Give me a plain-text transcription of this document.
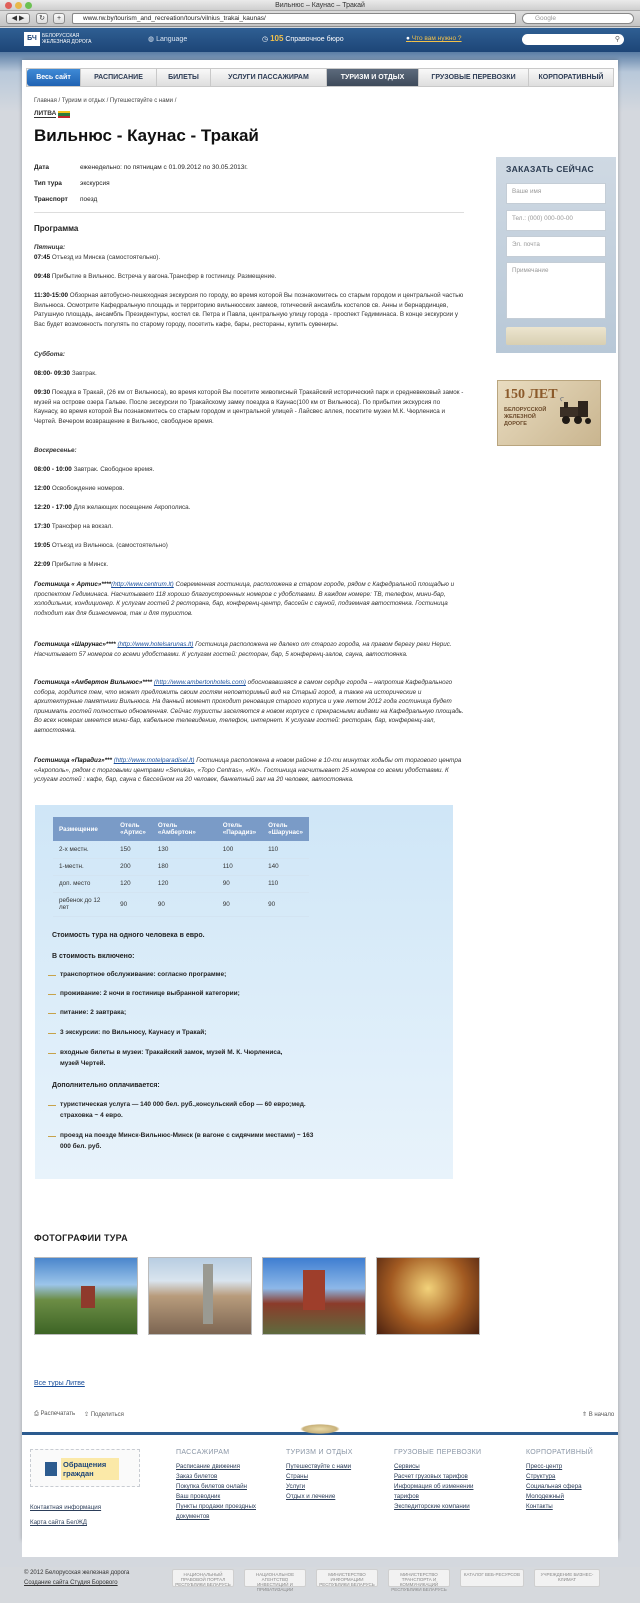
Вильнюс – Каунас – Тракай
◀ ▶	↻	+	www.rw.by/tourism_and_recreation/tours/vilnius_trakai_kaunas/	Google
БЧ	БЕЛОРУССКАЯ
ЖЕЛЕЗНАЯ ДОРОГА	◍ Language	◷ 105 Справочное бюро	● Что вам нужно ?	⚲
Весь сайт	РАСПИСАНИЕ	БИЛЕТЫ	УСЛУГИ ПАССАЖИРАМ	ТУРИЗМ И ОТДЫХ	ГРУЗОВЫЕ ПЕРЕВОЗКИ	КОРПОРАТИВНЫЙ
Главная / Туризм и отдых / Путешествуйте с нами /
ЛИТВА
Вильнюс - Каунас - Тракай
Дата	еженедельно: по пятницам с 01.09.2012 по 30.05.2013г.
Тип тура	экскурсия
Транспорт поезд
Программа
Пятница:
07:45 Отъезд из Минска (самостоятельно).
09:48 Прибытие в Вильнюс. Встреча у вагона.Трансфер в гостиницу. Размещение.
11:30-15:00 Обзорная автобусно-пешеходная экскурсия по городу, во время которой Вы познакомитесь со старым городом и центральной частью Вильнюса. Осмотрите Кафедральную площадь и территорию вильнюсских замков, готический ансамбль костелов св. Анны и бернардинцев, Ратушную площадь, ансамбль Президентуры, костел св. Петра и Павла, центральную улицу города - проспект Гедиминаса. В конце экскурсии у Вас будет возможность погулять по старому городу, посетить кафе, бары, рестораны, купить сувениры.
Суббота:
08:00- 09:30 Завтрак.
09:30 Поездка в Тракай, (26 км от Вильнюса), во время которой Вы посетите живописный Тракайский исторический парк и средневековый замок - музей на острове озера Гальве. После экскурсии по Тракайскому замку поездка в Каунас(100 км от Вильнюса). По прибытии экскурсия по Каунасу, во время которой Вы познакомитесь со старым городом и центральной улицей - Лайсвес аллея, посетите музеи М.К. Чюрлениса и Чертей. Вечером возвращение в Вильнюс, свободное время.
Воскресенье:
08:00 - 10:00 Завтрак. Свободное время.
12:00 Освобождение номеров.
12:20 - 17:00 Для желающих посещение Акрополиса.
17:30 Трансфер на вокзал.
19:05 Отъезд из Вильнюса. (самостоятельно)
22:09 Прибытие в Минск.
Гостиница « Артис»****(http://www.centrum.lt) Современная гостиница, расположена в старом городе, рядом с Кафедральной площадью и проспектом Гедиминаса. Насчитывает 118 хорошо благоустроенных номеров с удобствами. В каждом номере: ТВ, телефон, мини-бар, холодильник, кондиционер. К услугам гостей 2 ресторана, бар, конференц-центр, бассейн с сауной, подземная автостоянка. Гостиница подходит как для бизнесменов, так и для туристов.
Гостиница «Шарунас»**** (http://www.hotelsarunas.lt) Гостиница расположена не далеко от старого города, на правом берегу реки Нерис. Насчитывает 57 номеров со всеми удобствами. К услугам гостей: ресторан, бар, 5 конференц-залов, сауна, автостоянка.
Гостиница «Амбертон Вильнюс»**** (http://www.ambertonhotels.com) обосновавшаяся в самом сердце города – напротив Кафедрального собора, гордится тем, что может предложить своим гостям неповторимый вид на Старый город, а также на исторические и архитектурные памятники Вильнюса. На данный момент проходит реновация старого корпуса и уже летом 2012 года гостиница будет принимать гостей полностью обновленная. Сейчас туристы заселяются в новом корпусе с прекрасными видами на Кафедральную площадь. Во всех номерах имеется мини-бар, кабельное телевидение, телефон, интернет. К услугам гостей: ресторан, бар, конференц-зал, автостоянка.
Гостиница «Парадиз»*** (http://www.motelparadisel.lt) Гостиница расположена в новом районе в 10-ти минутах ходьбы от торгового центра «Акрополь», рядом с торговыми центрами «Senuka», «Topo Centras», «IKI». Гостиница насчитывает 25 номеров со всеми удобствами. К услугам гостей : кафе, бар, сауна с бассейном на 20 человек, банкетный зал на 20 человек, автостоянка.
Размещение	Отель «Артис»	Отель «Амбертон»	Отель «Парадиз»	Отель «Шарунас»
2-х местн.	150	130	100	110
1-местн.	200	180	110	140
доп. место	120	120	90	110
ребенок до 12 лет	90	90	90	90
Стоимость тура на одного человека в евро.
В стоимость включено:
транспортное обслуживание: согласно программе;
проживание: 2 ночи в гостинице выбранной категории;
питание: 2 завтрака;
3 экскурсии: по Вильнюсу, Каунасу и Тракай;
входные билеты в музеи: Тракайский замок, музей М. К. Чюрлениса, музей Чертей.
Дополнительно оплачивается:
туристическая услуга — 140 000 бел. руб.,консульский сбор — 60 евро;мед. страховка ~ 4 евро.
проезд на поезде Минск-Вильнюс-Минск (в вагоне с сидячими местами) ~ 163 000 бел. руб.
ЗАКАЗАТЬ СЕЙЧАС
Ваше имя
Тел.: (000) 000-00-00
Эл. почта
Примечание
150 ЛЕТ
БЕЛОРУССКОЙ
ЖЕЛЕЗНОЙ
ДОРОГЕ
ФОТОГРАФИИ ТУРА
Все туры Литве
⎙ Распечатать ⇪ Поделиться	⇑ В начало
Обращения
граждан
Контактная информация
Карта сайта БелЖД

ПАССАЖИРАМ

Расписание движения
Заказ билетов
Покупка билетов онлайн
Ваш проводник
Пункты продажи проездных документов

ТУРИЗМ И ОТДЫХ

Путешествуйте с нами
Страны
Услуги
Отдых и лечение

ГРУЗОВЫЕ ПЕРЕВОЗКИ

Сервисы
Расчет грузовых тарифов
Информация об изменении тарифов
Экспедиторские компании

КОРПОРАТИВНЫЙ

Пресс-центр
Структура
Социальная сфера
Молодежный
Контакты
© 2012 Белорусская железная дорога
Создание сайта Студия Борового
НАЦИОНАЛЬНЫЙ ПРАВОВОЙ ПОРТАЛ РЕСПУБЛИКИ БЕЛАРУСЬ
НАЦИОНАЛЬНОЕ АГЕНТСТВО ИНВЕСТИЦИЙ И ПРИВАТИЗАЦИИ
МИНИСТЕРСТВО ИНФОРМАЦИИ РЕСПУБЛИКИ БЕЛАРУСЬ
МИНИСТЕРСТВО ТРАНСПОРТА И КОММУНИКАЦИЙ РЕСПУБЛИКИ БЕЛАРУСЬ
КАТАЛОГ ВЕБ-РЕСУРСОВ	УЧРЕЖДЕНИЕ БИЗНЕС-КЛИМАТ
